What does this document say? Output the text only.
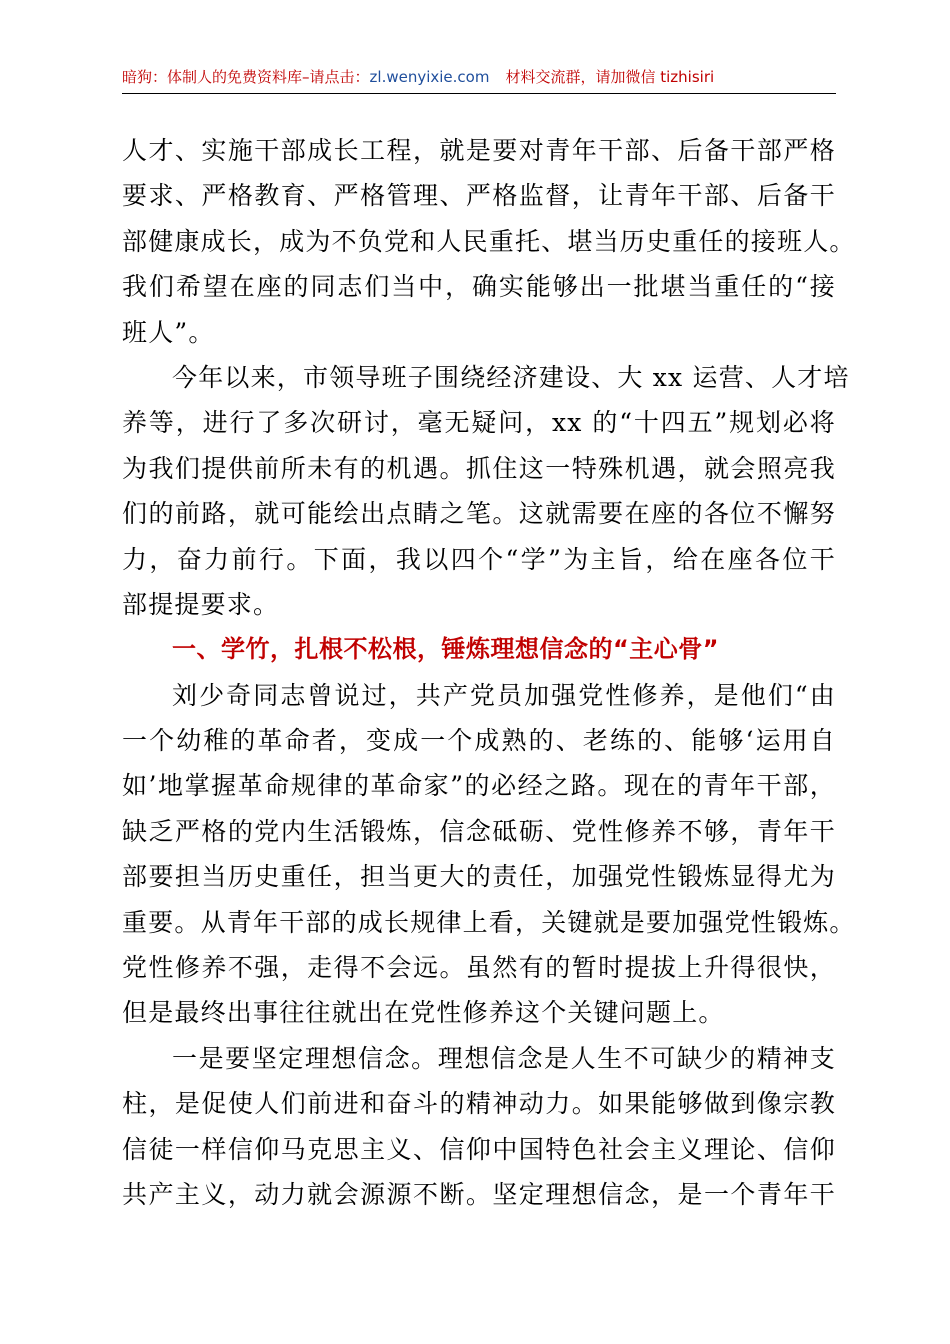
暗狗：体制人的免费资料库–请点击：zl.wenyixie.com 材料交流群，请加微信 tizhisiri
人才、实施干部成长工程，就是要对青年干部、后备干部严格
要求、严格教育、严格管理、严格监督，让青年干部、后备干
部健康成长，成为不负党和人民重托、堪当历史重任的接班人。
我们希望在座的同志们当中，确实能够出一批堪当重任的“接
班人”。
今年以来，市领导班子围绕经济建设、大 xx 运营、人才培
养等，进行了多次研讨，毫无疑问，xx 的“十四五”规划必将
为我们提供前所未有的机遇。抓住这一特殊机遇，就会照亮我
们的前路，就可能绘出点睛之笔。这就需要在座的各位不懈努
力，奋力前行。下面，我以四个“学”为主旨，给在座各位干
部提提要求。
一、学竹，扎根不松根，锤炼理想信念的“主心骨”
刘少奇同志曾说过，共产党员加强党性修养，是他们“由
一个幼稚的革命者，变成一个成熟的、老练的、能够‘运用自
如’地掌握革命规律的革命家”的必经之路。现在的青年干部，
缺乏严格的党内生活锻炼，信念砥砺、党性修养不够，青年干
部要担当历史重任，担当更大的责任，加强党性锻炼显得尤为
重要。从青年干部的成长规律上看，关键就是要加强党性锻炼。
党性修养不强，走得不会远。虽然有的暂时提拔上升得很快，
但是最终出事往往就出在党性修养这个关键问题上。
一是要坚定理想信念。理想信念是人生不可缺少的精神支
柱，是促使人们前进和奋斗的精神动力。如果能够做到像宗教
信徒一样信仰马克思主义、信仰中国特色社会主义理论、信仰
共产主义，动力就会源源不断。坚定理想信念，是一个青年干
